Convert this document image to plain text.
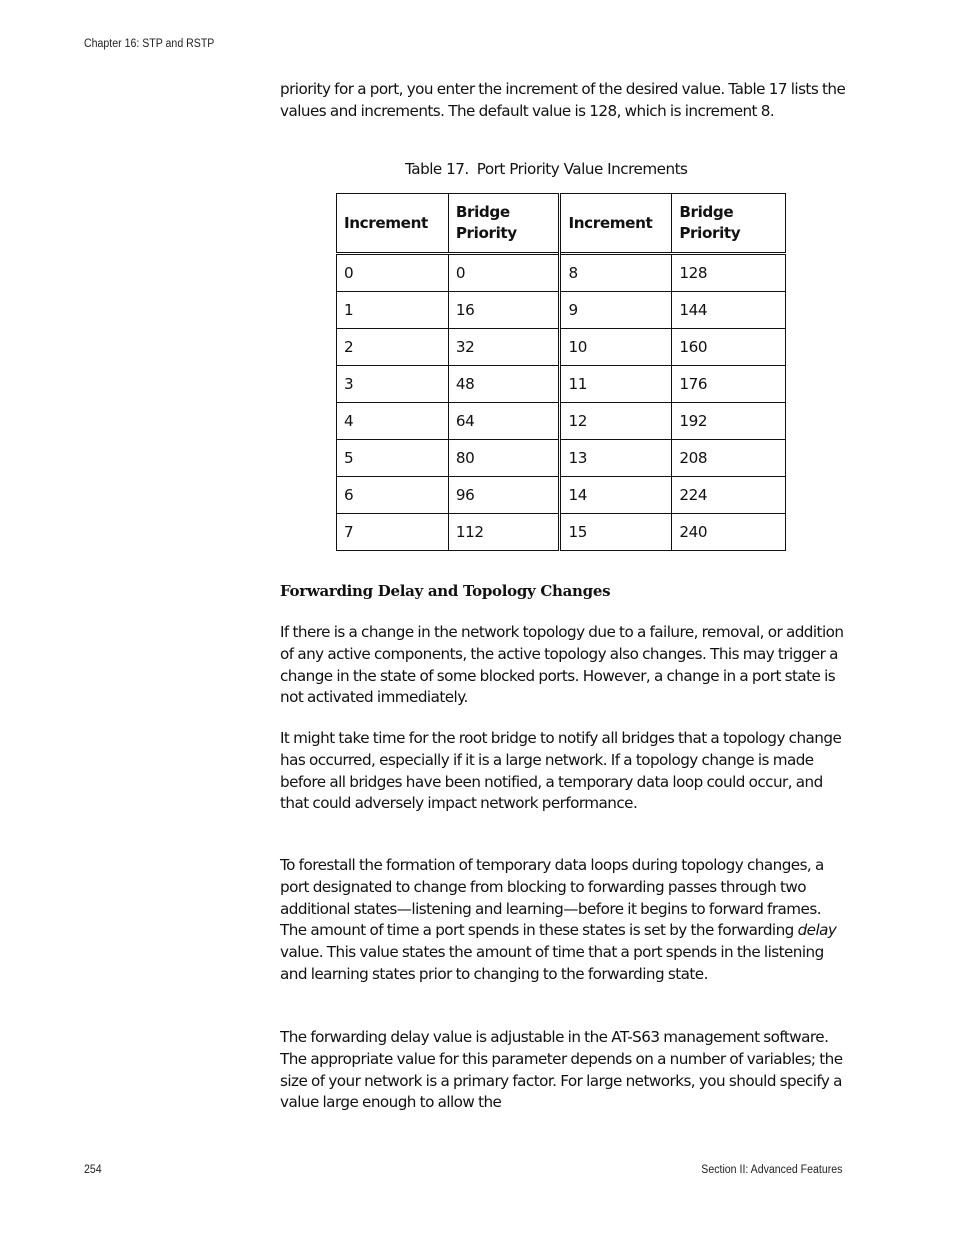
Chapter 16: STP and RSTP

priority for a port, you enter the increment of the desired value. Table 17 lists the values and increments. The default value is 128, which is increment 8.

Table 17. Port Priority Value Increments
Increment	Bridge Priority	Increment	Bridge Priority
0	0	8	128
1	16	9	144
2	32	10	160
3	48	11	176
4	64	12	192
5	80	13	208
6	96	14	224
7	112	15	240
Forwarding Delay and Topology Changes

If there is a change in the network topology due to a failure, removal, or addition of any active components, the active topology also changes. This may trigger a change in the state of some blocked ports. However, a change in a port state is not activated immediately.

It might take time for the root bridge to notify all bridges that a topology change has occurred, especially if it is a large network. If a topology change is made before all bridges have been notified, a temporary data loop could occur, and that could adversely impact network performance.

To forestall the formation of temporary data loops during topology changes, a port designated to change from blocking to forwarding passes through two additional states—listening and learning—before it begins to forward frames. The amount of time a port spends in these states is set by the forwarding delay value. This value states the amount of time that a port spends in the listening and learning states prior to changing to the forwarding state.

The forwarding delay value is adjustable in the AT-S63 management software. The appropriate value for this parameter depends on a number of variables; the size of your network is a primary factor. For large networks, you should specify a value large enough to allow the

254	Section II: Advanced Features
